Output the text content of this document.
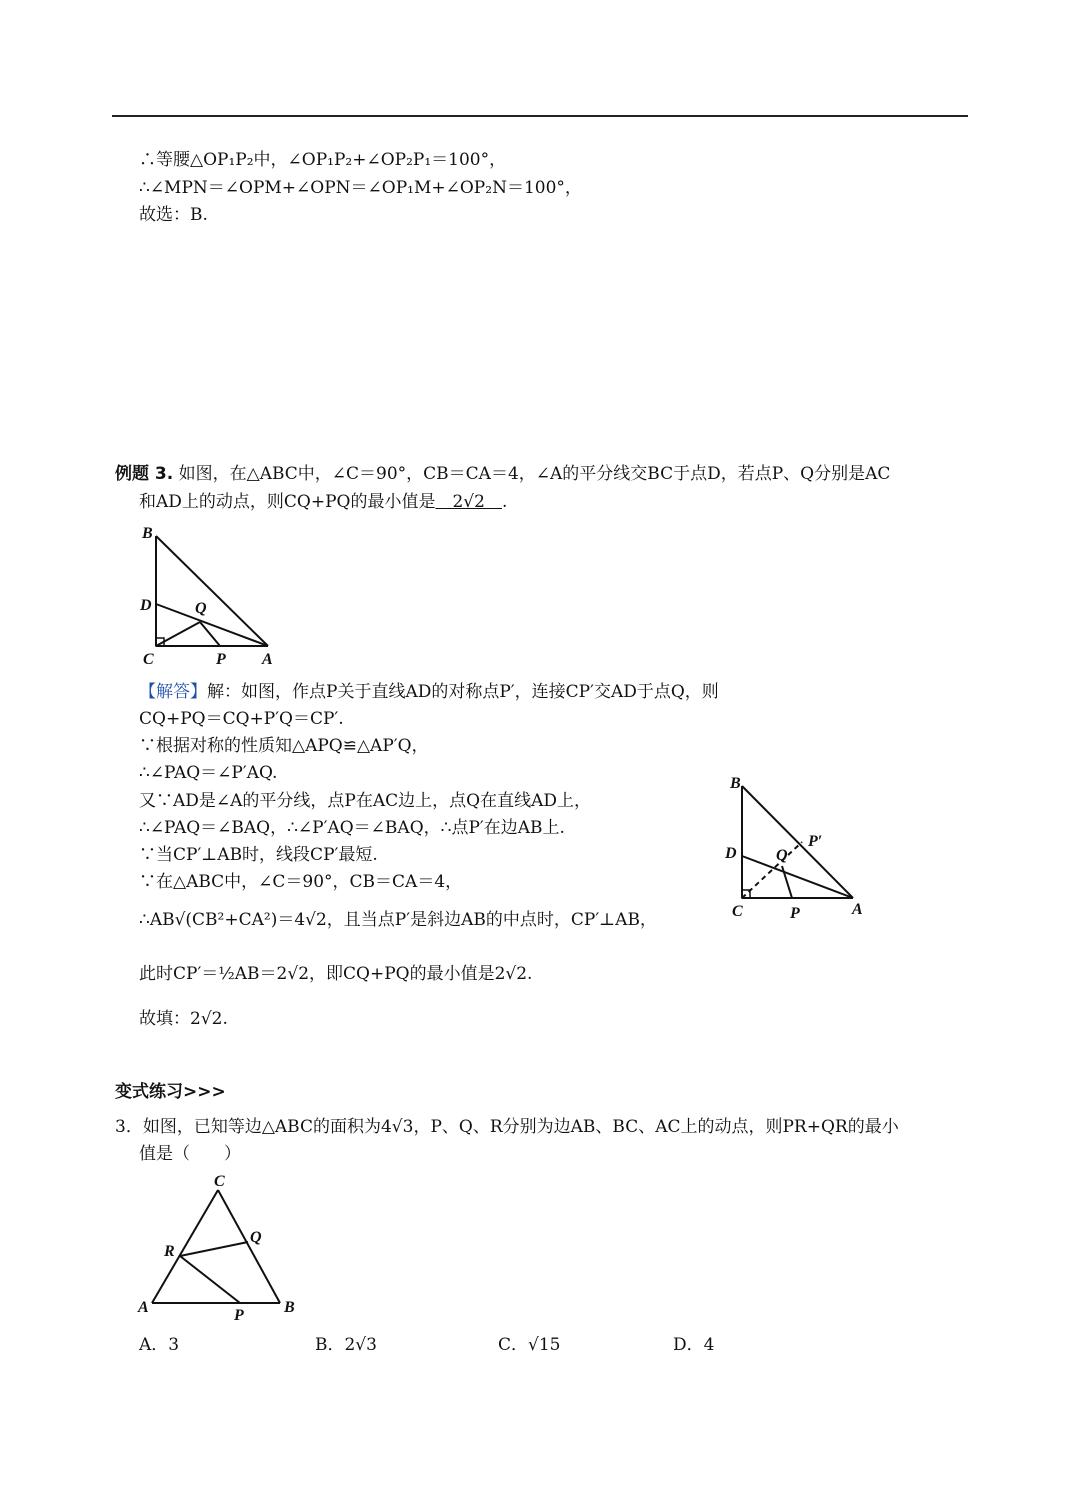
∴等腰△OP₁P₂中，∠OP₁P₂+∠OP₂P₁＝100°，
∴∠MPN＝∠OPM+∠OPN＝∠OP₁M+∠OP₂N＝100°，
故选：B.
例题 3. 如图，在△ABC中，∠C＝90°，CB＝CA＝4，∠A的平分线交BC于点D，若点P、Q分别是AC
和AD上的动点，则CQ+PQ的最小值是　2√2　.
B
D	Q
C	P A
【解答】解：如图，作点P关于直线AD的对称点P′，连接CP′交AD于点Q，则
CQ+PQ＝CQ+P′Q＝CP′.
∵根据对称的性质知△APQ≌△AP′Q，
∴∠PAQ＝∠P′AQ.
又∵AD是∠A的平分线，点P在AC边上，点Q在直线AD上，
∴∠PAQ＝∠BAQ，∴∠P′AQ＝∠BAQ，∴点P′在边AB上.
∵当CP′⊥AB时，线段CP′最短.
∵在△ABC中，∠C＝90°，CB＝CA＝4，
∴AB√(CB²+CA²)＝4√2，且当点P′是斜边AB的中点时，CP′⊥AB，
此时CP′＝½AB＝2√2，即CQ+PQ的最小值是2√2.
故填：2√2.
B
P′
D Q
C	P	A
变式练习>>>
3．如图，已知等边△ABC的面积为4√3，P、Q、R分别为边AB、BC、AC上的动点，则PR+QR的最小
值是（　　）
C
R
Q
A	P	B
A．3	B．2√3	C．√15	D．4
